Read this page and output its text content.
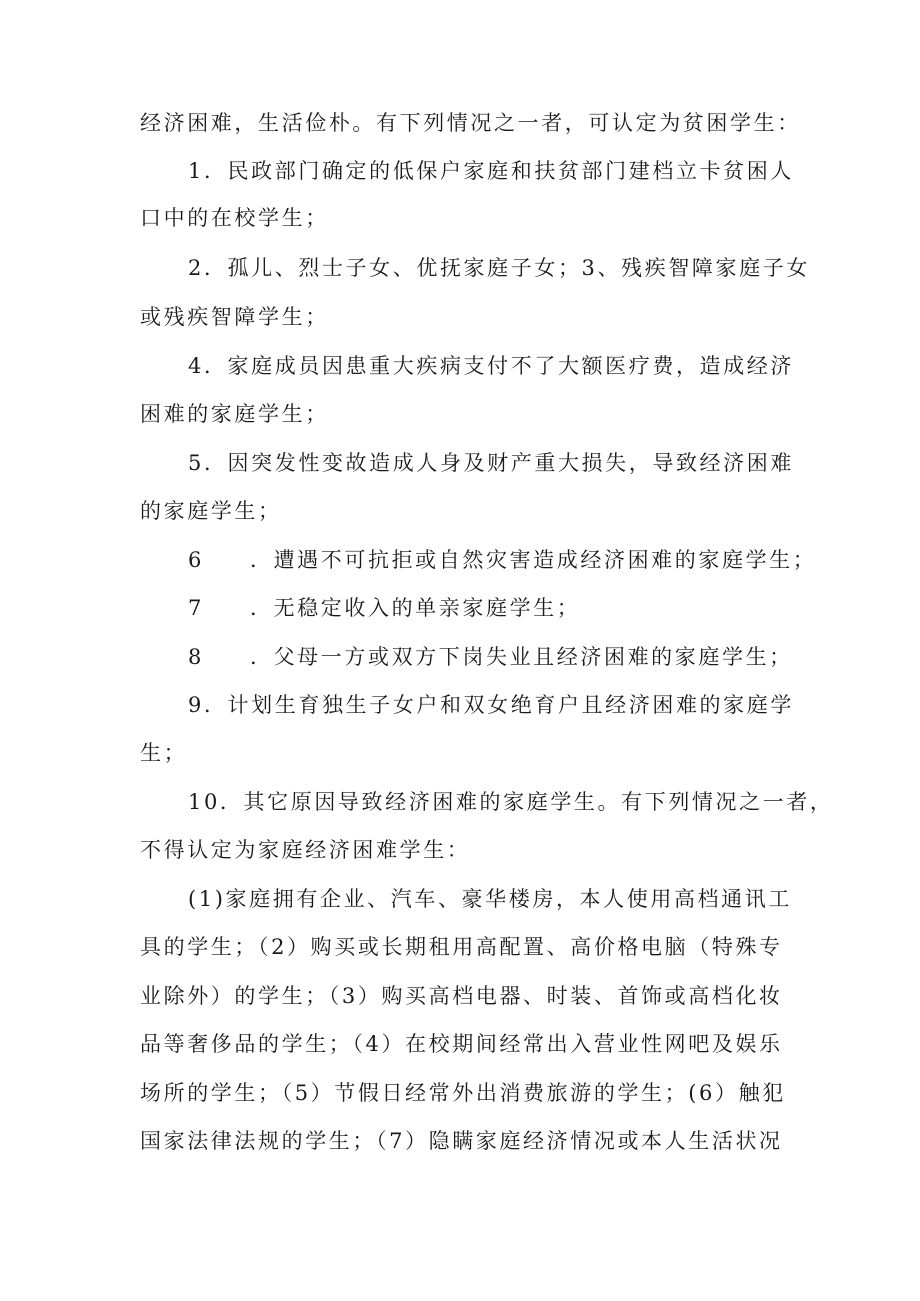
经济困难，生活俭朴。有下列情况之一者，可认定为贫困学生：
1．民政部门确定的低保户家庭和扶贫部门建档立卡贫困人
口中的在校学生；
2．孤儿、烈士子女、优抚家庭子女；3、残疾智障家庭子女
或残疾智障学生；
4．家庭成员因患重大疾病支付不了大额医疗费，造成经济
困难的家庭学生；
5．因突发性变故造成人身及财产重大损失，导致经济困难
的家庭学生；
6 ．遭遇不可抗拒或自然灾害造成经济困难的家庭学生；
7 ．无稳定收入的单亲家庭学生；
8 ．父母一方或双方下岗失业且经济困难的家庭学生；
9．计划生育独生子女户和双女绝育户且经济困难的家庭学
生；
10．其它原因导致经济困难的家庭学生。有下列情况之一者，
不得认定为家庭经济困难学生：
(1)家庭拥有企业、汽车、豪华楼房，本人使用高档通讯工
具的学生；（2）购买或长期租用高配置、高价格电脑（特殊专
业除外）的学生；（3）购买高档电器、时装、首饰或高档化妆
品等奢侈品的学生；（4）在校期间经常出入营业性网吧及娱乐
场所的学生；（5）节假日经常外出消费旅游的学生；(6）触犯
国家法律法规的学生；（7）隐瞒家庭经济情况或本人生活状况
